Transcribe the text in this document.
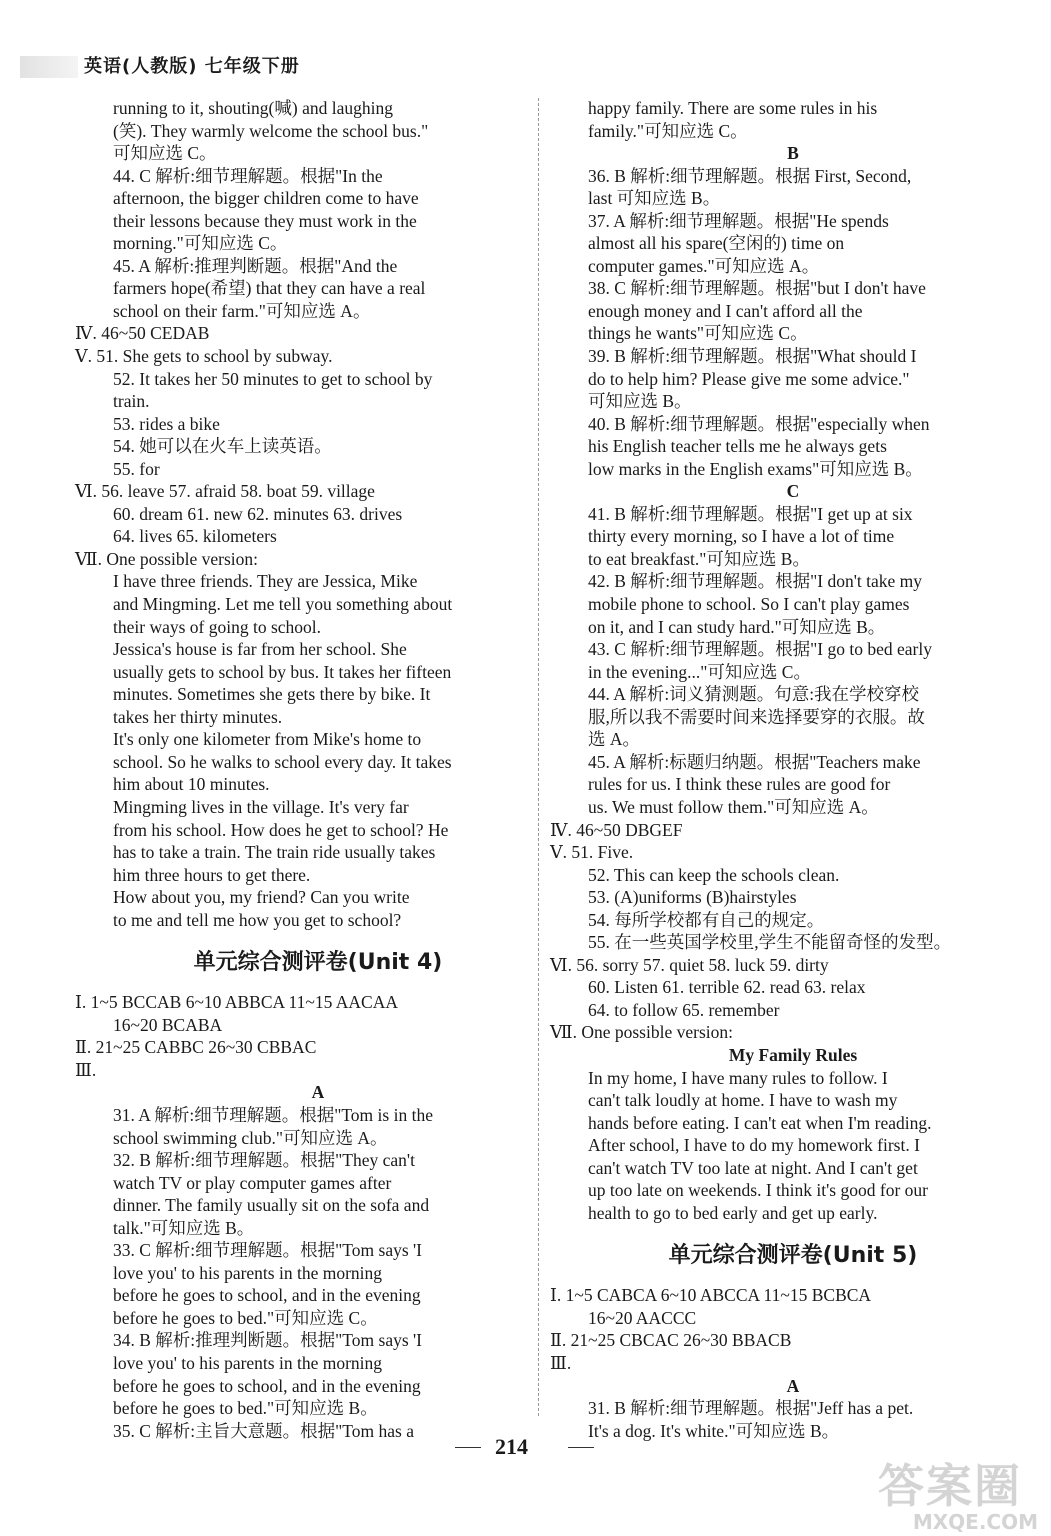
英语(人教版) 七年级下册
running to it, shouting(喊) and laughing
(笑). They warmly welcome the school bus."
可知应选 C。
44. C 解析:细节理解题。根据"In the
afternoon, the bigger children come to have
their lessons because they must work in the
morning."可知应选 C。
45. A 解析:推理判断题。根据"And the
farmers hope(希望) that they can have a real
school on their farm."可知应选 A。
Ⅳ. 46~50 CEDAB
Ⅴ. 51. She gets to school by subway.
52. It takes her 50 minutes to get to school by
train.
53. rides a bike
54. 她可以在火车上读英语。
55. for
Ⅵ. 56. leave 57. afraid 58. boat 59. village
60. dream 61. new 62. minutes 63. drives
64. lives 65. kilometers
Ⅶ. One possible version:
I have three friends. They are Jessica, Mike
and Mingming. Let me tell you something about
their ways of going to school.
Jessica's house is far from her school. She
usually gets to school by bus. It takes her fifteen
minutes. Sometimes she gets there by bike. It
takes her thirty minutes.
It's only one kilometer from Mike's home to
school. So he walks to school every day. It takes
him about 10 minutes.
Mingming lives in the village. It's very far
from his school. How does he get to school? He
has to take a train. The train ride usually takes
him three hours to get there.
How about you, my friend? Can you write
to me and tell me how you get to school?
单元综合测评卷(Unit 4)
Ⅰ. 1~5 BCCAB 6~10 ABBCA 11~15 AACAA
16~20 BCABA
Ⅱ. 21~25 CABBC 26~30 CBBAC
Ⅲ.
A
31. A 解析:细节理解题。根据"Tom is in the
school swimming club."可知应选 A。
32. B 解析:细节理解题。根据"They can't
watch TV or play computer games after
dinner. The family usually sit on the sofa and
talk."可知应选 B。
33. C 解析:细节理解题。根据"Tom says 'I
love you' to his parents in the morning
before he goes to school, and in the evening
before he goes to bed."可知应选 C。
34. B 解析:推理判断题。根据"Tom says 'I
love you' to his parents in the morning
before he goes to school, and in the evening
before he goes to bed."可知应选 B。
35. C 解析:主旨大意题。根据"Tom has a
happy family. There are some rules in his
family."可知应选 C。
B
36. B 解析:细节理解题。根据 First, Second,
last 可知应选 B。
37. A 解析:细节理解题。根据"He spends
almost all his spare(空闲的) time on
computer games."可知应选 A。
38. C 解析:细节理解题。根据"but I don't have
enough money and I can't afford all the
things he wants"可知应选 C。
39. B 解析:细节理解题。根据"What should I
do to help him? Please give me some advice."
可知应选 B。
40. B 解析:细节理解题。根据"especially when
his English teacher tells me he always gets
low marks in the English exams"可知应选 B。
C
41. B 解析:细节理解题。根据"I get up at six
thirty every morning, so I have a lot of time
to eat breakfast."可知应选 B。
42. B 解析:细节理解题。根据"I don't take my
mobile phone to school. So I can't play games
on it, and I can study hard."可知应选 B。
43. C 解析:细节理解题。根据"I go to bed early
in the evening..."可知应选 C。
44. A 解析:词义猜测题。句意:我在学校穿校
服,所以我不需要时间来选择要穿的衣服。故
选 A。
45. A 解析:标题归纳题。根据"Teachers make
rules for us. I think these rules are good for
us. We must follow them."可知应选 A。
Ⅳ. 46~50 DBGEF
Ⅴ. 51. Five.
52. This can keep the schools clean.
53. (A)uniforms (B)hairstyles
54. 每所学校都有自己的规定。
55. 在一些英国学校里,学生不能留奇怪的发型。
Ⅵ. 56. sorry 57. quiet 58. luck 59. dirty
60. Listen 61. terrible 62. read 63. relax
64. to follow 65. remember
Ⅶ. One possible version:
My Family Rules
In my home, I have many rules to follow. I
can't talk loudly at home. I have to wash my
hands before eating. I can't eat when I'm reading.
After school, I have to do my homework first. I
can't watch TV too late at night. And I can't get
up too late on weekends. I think it's good for our
health to go to bed early and get up early.
单元综合测评卷(Unit 5)
Ⅰ. 1~5 CABCA 6~10 ABCCA 11~15 BCBCA
16~20 AACCC
Ⅱ. 21~25 CBCAC 26~30 BBACB
Ⅲ.
A
31. B 解析:细节理解题。根据"Jeff has a pet.
It's a dog. It's white."可知应选 B。
214
答案圈
MXQE.COM
